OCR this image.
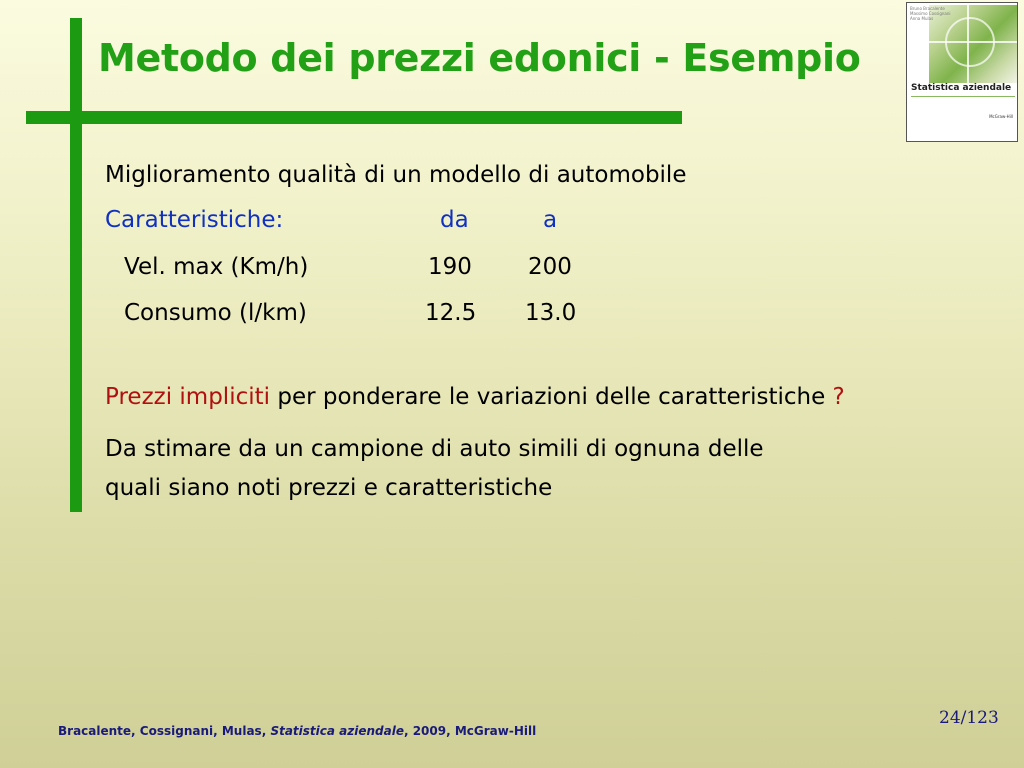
Metodo dei prezzi edonici - Esempio
Bruno Bracalente
Massimo Cossignani
Anna Mulas
Statistica aziendale
McGraw-Hill
Miglioramento qualità di un modello di automobile
Caratteristiche:	da	a
Vel. max (Km/h)	190 200
Consumo (l/km)	12.5 13.0
Prezzi impliciti per ponderare le variazioni delle caratteristiche ?
Da stimare da un campione di auto simili di ognuna delle
quali siano noti prezzi e caratteristiche
Bracalente, Cossignani, Mulas, Statistica aziendale, 2009, McGraw-Hill
24/123
